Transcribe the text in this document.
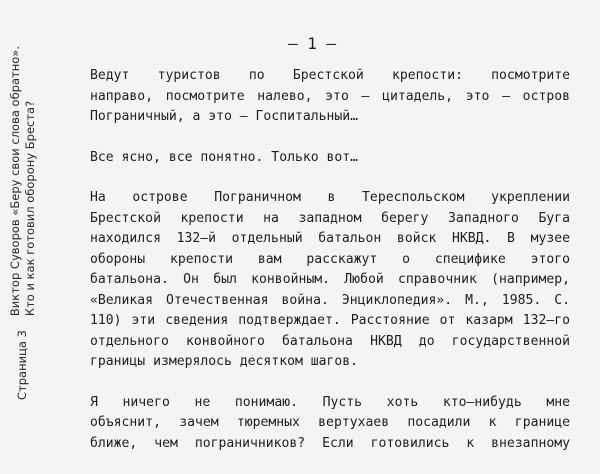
Страница 3
Виктор Суворов «Беру свои слова обратно». Кто и как готовил оборону Бреста?
– 1 –

Ведут туристов по Брестской крепости: посмотрите
направо, посмотрите налево, это – цитадель, это – остров
Пограничный, а это – Госпитальный…

Все ясно, все понятно. Только вот…

На острове Пограничном в Тереспольском укреплении
Брестской крепости на западном берегу Западного Буга
находился 132–й отдельный батальон войск НКВД. В музее
обороны крепости вам расскажут о специфике этого
батальона. Он был конвойным. Любой справочник (например,
«Великая Отечественная война. Энциклопедия». М., 1985. С.
110) эти сведения подтверждает. Расстояние от казарм 132–го
отдельного конвойного батальона НКВД до государственной
границы измерялось десятком шагов.

Я ничего не понимаю. Пусть хоть кто–нибудь мне
объяснит, зачем тюремных вертухаев посадили к границе
ближе, чем пограничников? Если готовились к внезапному
